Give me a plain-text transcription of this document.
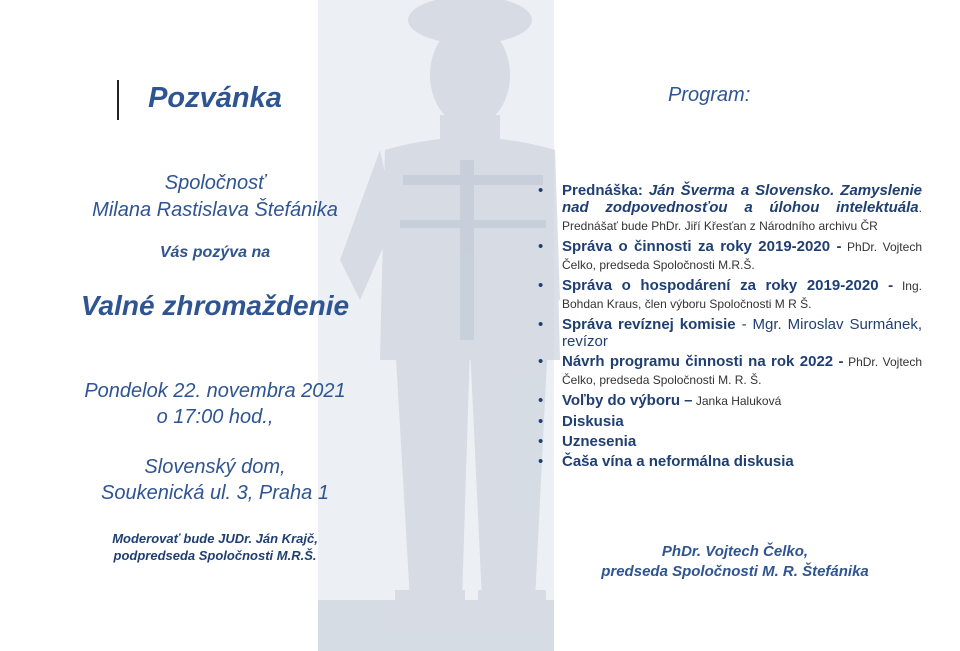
Pozvánka
Spoločnosť
Milana Rastislava Štefánika
Vás pozýva na
Valné zhromaždenie
Pondelok 22. novembra 2021
o 17:00 hod.,
Slovenský dom,
Soukenická ul. 3, Praha 1
Moderovať bude JUDr. Ján Krajč,
podpredseda Spoločnosti M.R.Š.
Program:
• Prednáška: Ján Šverma a Slovensko. Zamyslenie nad zodpovednosťou a úlohou intelektuála. Prednášať bude PhDr. Jiří Křesťan z Národního archivu ČR
• Správa o činnosti za roky 2019-2020 - PhDr. Vojtech Čelko, predseda Spoločnosti M.R.Š.
• Správa o hospodárení za roky 2019-2020 - Ing. Bohdan Kraus, člen výboru Spoločnosti M R Š.
• Správa revíznej komisie - Mgr. Miroslav Surmánek, revízor
• Návrh programu činnosti na rok 2022 - PhDr. Vojtech Čelko, predseda Spoločnosti M. R. Š.
• Voľby do výboru – Janka Haluková
• Diskusia
• Uznesenia
• Čaša vína a neformálna diskusia
PhDr. Vojtech Čelko,
predseda Spoločnosti M. R. Štefánika
